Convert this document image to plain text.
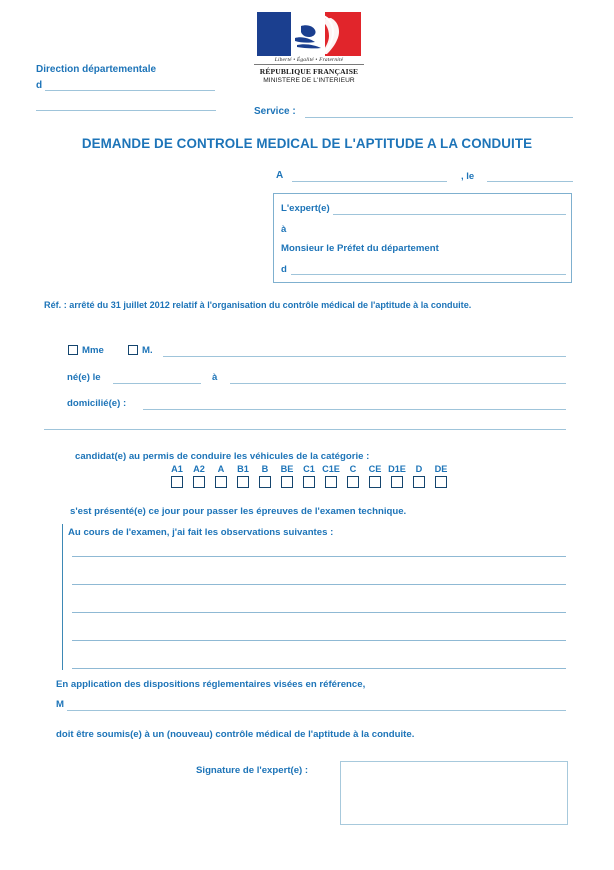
Liberté • Égalité • Fraternité
RÉPUBLIQUE FRANÇAISE
MINISTERE DE L'INTERIEUR
Direction départementale
d
Service :
DEMANDE DE CONTROLE MEDICAL DE L'APTITUDE A LA CONDUITE
A	, le
L'expert(e)
à
Monsieur le Préfet du département
d
Réf. : arrêté du 31 juillet 2012 relatif à l'organisation du contrôle médical de l'aptitude à la conduite.
Mme	M.
né(e) le	à
domicilié(e) :
candidat(e) au permis de conduire les véhicules de la catégorie :
A1 A2 A B1 B BE C1 C1E C CE D1E D DE
s'est présenté(e) ce jour pour passer les épreuves de l'examen technique.
Au cours de l'examen, j'ai fait les observations suivantes :
En application des dispositions réglementaires visées en référence,
M
doit être soumis(e) à un (nouveau) contrôle médical de l'aptitude à la conduite.
Signature de l'expert(e) :
